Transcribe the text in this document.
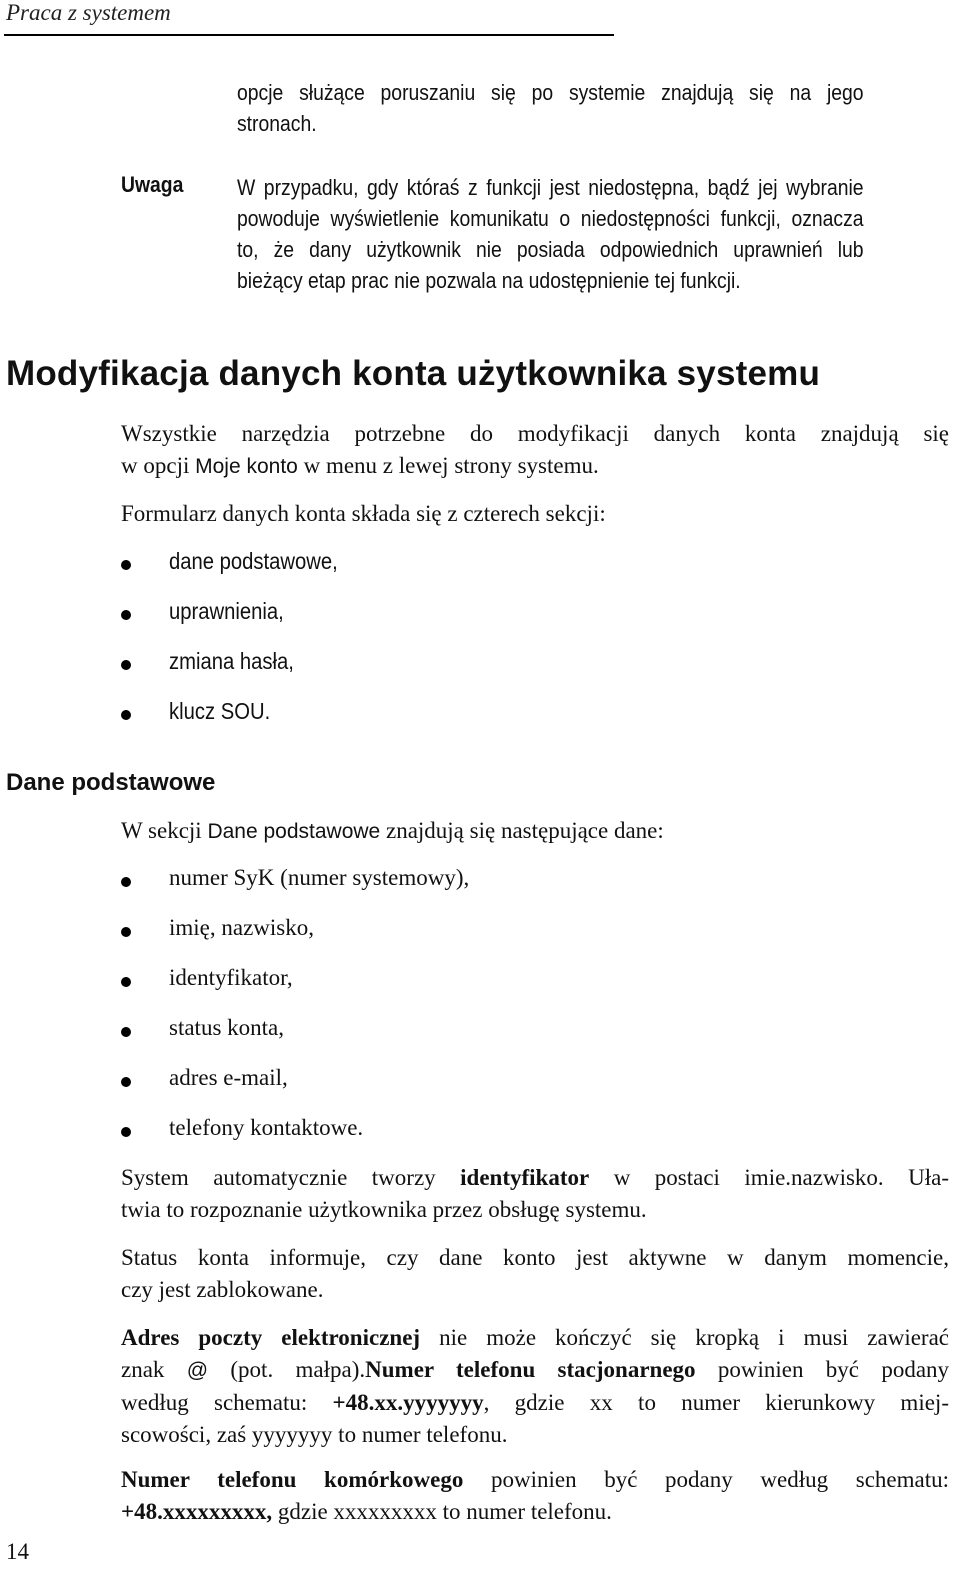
Praca z systemem
opcje służące poruszaniu się po systemie znajdują się na jego
stronach.
Uwaga W przypadku, gdy któraś z funkcji jest niedostępna, bądź jej wybranie
powoduje wyświetlenie komunikatu o niedostępności funkcji, oznacza
to, że dany użytkownik nie posiada odpowiednich uprawnień lub
bieżący etap prac nie pozwala na udostępnienie tej funkcji.
Modyfikacja danych konta użytkownika systemu
Wszystkie narzędzia potrzebne do modyfikacji danych konta znajdują się
w opcji Moje konto w menu z lewej strony systemu.
Formularz danych konta składa się z czterech sekcji:
dane podstawowe,
uprawnienia,
zmiana hasła,
klucz SOU.
Dane podstawowe
W sekcji Dane podstawowe znajdują się następujące dane:
numer SyK (numer systemowy),
imię, nazwisko,
identyfikator,
status konta,
adres e-mail,
telefony kontaktowe.
System automatycznie tworzy identyfikator w postaci imie.nazwisko. Uła-
twia to rozpoznanie użytkownika przez obsługę systemu.
Status konta informuje, czy dane konto jest aktywne w danym momencie,
czy jest zablokowane.
Adres poczty elektronicznej nie może kończyć się kropką i musi zawierać
znak @ (pot. małpa).Numer telefonu stacjonarnego powinien być podany
według schematu: +48.xx.yyyyyyy, gdzie xx to numer kierunkowy miej-
scowości, zaś yyyyyyy to numer telefonu.
Numer telefonu komórkowego powinien być podany według schematu:
+48.xxxxxxxxx, gdzie xxxxxxxxx to numer telefonu.
14
